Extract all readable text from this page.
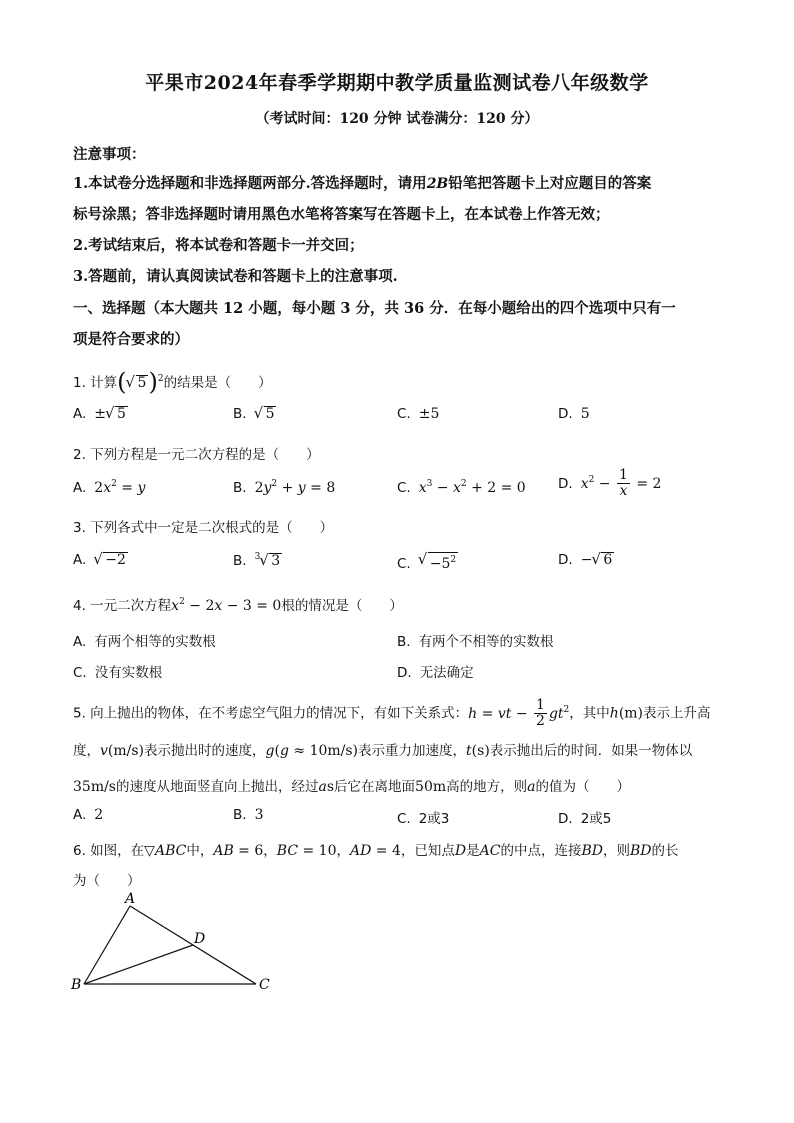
平果市2024年春季学期期中教学质量监测试卷八年级数学
（考试时间：120 分钟 试卷满分：120 分）
注意事项：
1.本试卷分选择题和非选择题两部分.答选择题时，请用2B铅笔把答题卡上对应题目的答案
标号涂黑；答非选择题时请用黑色水笔将答案写在答题卡上，在本试卷上作答无效；
2.考试结束后，将本试卷和答题卡一并交回；
3.答题前，请认真阅读试卷和答题卡上的注意事项.
一、选择题（本大题共 12 小题，每小题 3 分，共 36 分．在每小题给出的四个选项中只有一
项是符合要求的）
1. 计算(√ 5)$^2$的结果是（　　）
A. ±√ 5	B.√ 5	C. ±5	D. 5
2. 下列方程是一元二次方程的是（　　）
A. $2x^2 = y$	B. $2y^2 + y = 8$	C. $x^3 - x^2 + 2 = 0$ D. $x^2 - \frac{1}{x} = 2$
3. 下列各式中一定是二次根式的是（　　）
A.√ −2	B. $^3$√ 3	$C.√ -5^2$	D. −√ 6
4. 一元二次方程$x^2 - 2x - 3 = 0$根的情况是（　　）
A. 有两个相等的实数根	B. 有两个不相等的实数根
C. 没有实数根	D. 无法确定
5. 向上抛出的物体，在不考虑空气阻力的情况下，有如下关系式：h = vt − $\frac{1}{2} gt^2$，其中h(m)表示上升高
度，v(m/s)表示抛出时的速度，g(g ≈ 10m/s)表示重力加速度，t(s)表示抛出后的时间．如果一物体以
35m/s的速度从地面竖直向上抛出，经过as后它在离地面50m高的地方，则a的值为（　　）
A. 2	B. 3	C. 2或3	D. 2或5
6. 如图，在▽ABC中，AB = 6，BC = 10，AD = 4，已知点D是AC的中点，连接BD，则BD的长
为（　　）
A
B	C
D
